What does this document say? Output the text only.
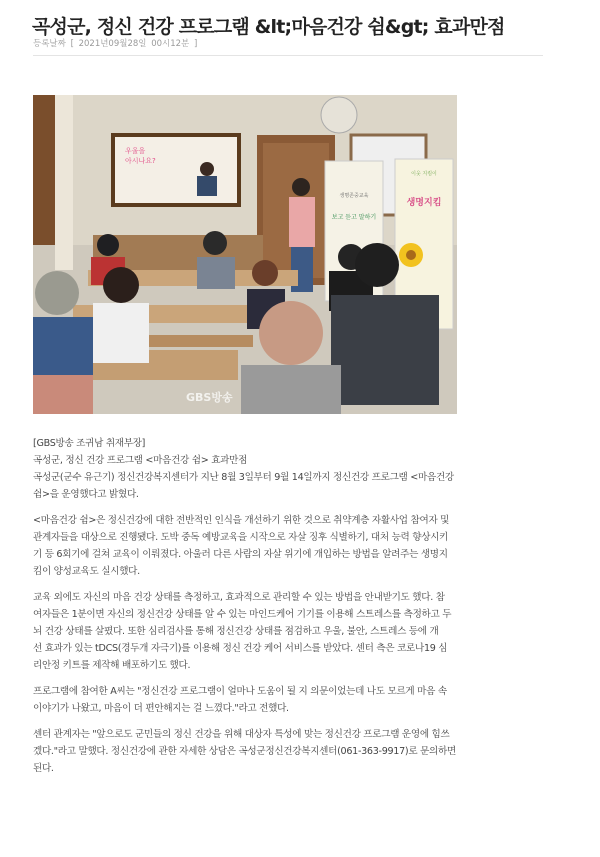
곡성군, 정신 건강 프로그램 &lt;마음건강 쉼&gt; 효과만점
등록날짜 [ 2021년09월28일 00시12분 ]
우울을
아시나요?
생명존중교육
보고 듣고 말하기
이웃 지킴이
생명지킴
GBS방송

[GBS방송 조귀남 취재부장]
곡성군, 정신 건강 프로그램 <마음건강 쉼> 효과만점
곡성군(군수 유근기) 정신건강복지센터가 지난 8월 3일부터 9월 14일까지 정신건강 프로그램 <마음건강
쉼>을 운영했다고 밝혔다.

<마음건강 쉼>은 정신건강에 대한 전반적인 인식을 개선하기 위한 것으로 취약계층 자활사업 참여자 및
관계자들을 대상으로 진행됐다. 도박 중독 예방교육을 시작으로 자살 징후 식별하기, 대처 능력 향상시키
기 등 6회기에 걸쳐 교육이 이뤄졌다. 아울러 다른 사람의 자살 위기에 개입하는 방법을 알려주는 생명지
킴이 양성교육도 실시했다.

교육 외에도 자신의 마음 건강 상태를 측정하고, 효과적으로 관리할 수 있는 방법을 안내받기도 했다. 참
여자들은 1분이면 자신의 정신건강 상태를 알 수 있는 마인드케어 기기를 이용해 스트레스를 측정하고 두
뇌 건강 상태를 살폈다. 또한 심리검사를 통해 정신건강 상태를 점검하고 우울, 불안, 스트레스 등에 개
선 효과가 있는 tDCS(경두개 자극기)를 이용해 정신 건강 케어 서비스를 받았다. 센터 측은 코로나19 심
리안정 키트를 제작해 배포하기도 했다.

프로그램에 참여한 A씨는 "정신건강 프로그램이 얼마나 도움이 될 지 의문이었는데 나도 모르게 마음 속
이야기가 나왔고, 마음이 더 편안해지는 걸 느꼈다."라고 전했다.

센터 관계자는 "앞으로도 군민들의 정신 건강을 위해 대상자 특성에 맞는 정신건강 프로그램 운영에 힘쓰
겠다."라고 말했다. 정신건강에 관한 자세한 상담은 곡성군정신건강복지센터(061-363-9917)로 문의하면
된다.
